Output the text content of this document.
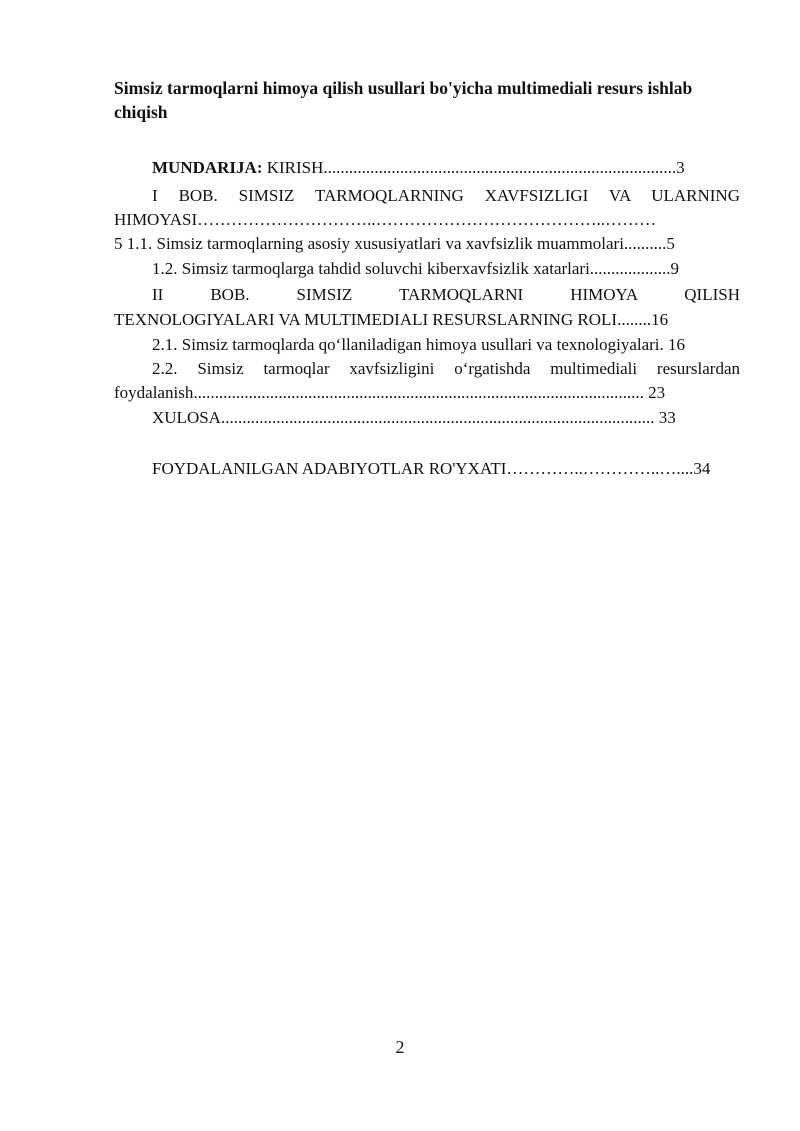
Simsiz tarmoqlarni himoya qilish usullari bo'yicha multimediali resurs ishlab chiqish

MUNDARIJA: KIRISH...................................................................................3
I BOB. SIMSIZ TARMOQLARNING XAVFSIZLIGI VA ULARNING
HIMOYASI…………………………..…………………………………..………
5 1.1. Simsiz tarmoqlarning asosiy xususiyatlari va xavfsizlik muammolari..........5
1.2. Simsiz tarmoqlarga tahdid soluvchi kiberxavfsizlik xatarlari...................9
II BOB. SIMSIZ TARMOQLARNI HIMOYA QILISH
TEXNOLOGIYALARI VA MULTIMEDIALI RESURSLARNING ROLI........16
2.1. Simsiz tarmoqlarda qo‘llaniladigan himoya usullari va texnologiyalari. 16
2.2. Simsiz tarmoqlar xavfsizligini o‘rgatishda multimediali resurslardan
foydalanish.......................................................................................................... 23
XULOSA...................................................................................................... 33
FOYDALANILGAN ADABIYOTLAR RO'YXATI…………..…………..…....34
2
